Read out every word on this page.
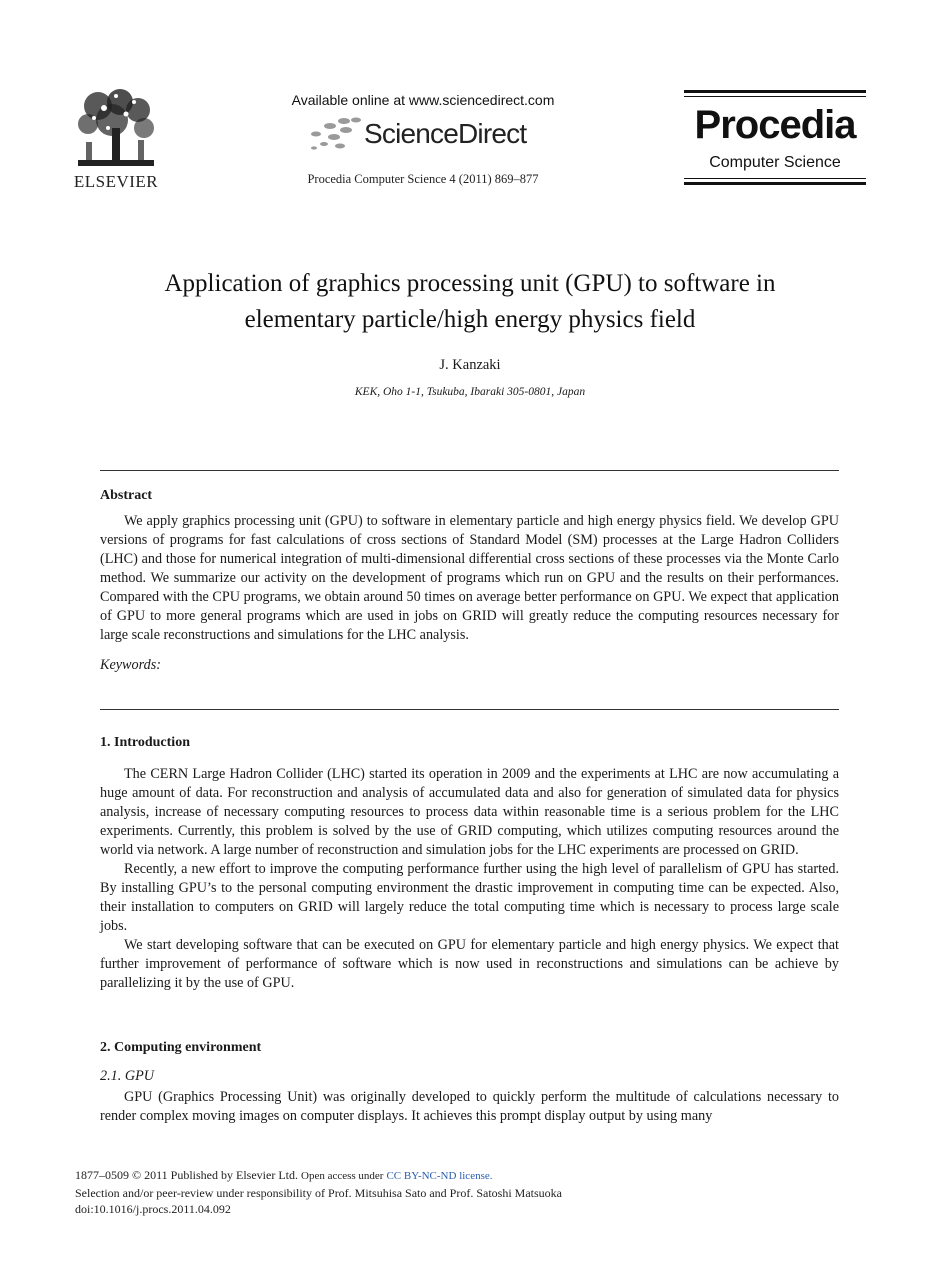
ELSEVIER
Available online at www.sciencedirect.com
ScienceDirect
Procedia Computer Science 4 (2011) 869–877
Procedia
Computer Science
Application of graphics processing unit (GPU) to software in
elementary particle/high energy physics field
J. Kanzaki
KEK, Oho 1-1, Tsukuba, Ibaraki 305-0801, Japan

Abstract

We apply graphics processing unit (GPU) to software in elementary particle and high energy physics field. We develop GPU versions of programs for fast calculations of cross sections of Standard Model (SM) processes at the Large Hadron Colliders (LHC) and those for numerical integration of multi-dimensional differential cross sections of these processes via the Monte Carlo method. We summarize our activity on the development of programs which run on GPU and the results on their performances. Compared with the CPU programs, we obtain around 50 times on average better performance on GPU. We expect that application of GPU to more general programs which are used in jobs on GRID will greatly reduce the computing resources necessary for large scale reconstructions and simulations for the LHC analysis.

Keywords:

1. Introduction

The CERN Large Hadron Collider (LHC) started its operation in 2009 and the experiments at LHC are now accumulating a huge amount of data. For reconstruction and analysis of accumulated data and also for generation of simulated data for physics analysis, increase of necessary computing resources to process data within reasonable time is a serious problem for the LHC experiments. Currently, this problem is solved by the use of GRID computing, which utilizes computing resources around the world via network. A large number of reconstruction and simulation jobs for the LHC experiments are processed on GRID.

Recently, a new effort to improve the computing performance further using the high level of parallelism of GPU has started. By installing GPU’s to the personal computing environment the drastic improvement in computing time can be expected. Also, their installation to computers on GRID will largely reduce the total computing time which is necessary to process large scale jobs.

We start developing software that can be executed on GPU for elementary particle and high energy physics. We expect that further improvement of performance of software which is now used in reconstructions and simulations can be achieve by parallelizing it by the use of GPU.

2. Computing environment

2.1. GPU

GPU (Graphics Processing Unit) was originally developed to quickly perform the multitude of calculations necessary to render complex moving images on computer displays. It achieves this prompt display output by using many

1877–0509 © 2011 Published by Elsevier Ltd. Open access under CC BY-NC-ND license.
Selection and/or peer-review under responsibility of Prof. Mitsuhisa Sato and Prof. Satoshi Matsuoka
doi:10.1016/j.procs.2011.04.092
